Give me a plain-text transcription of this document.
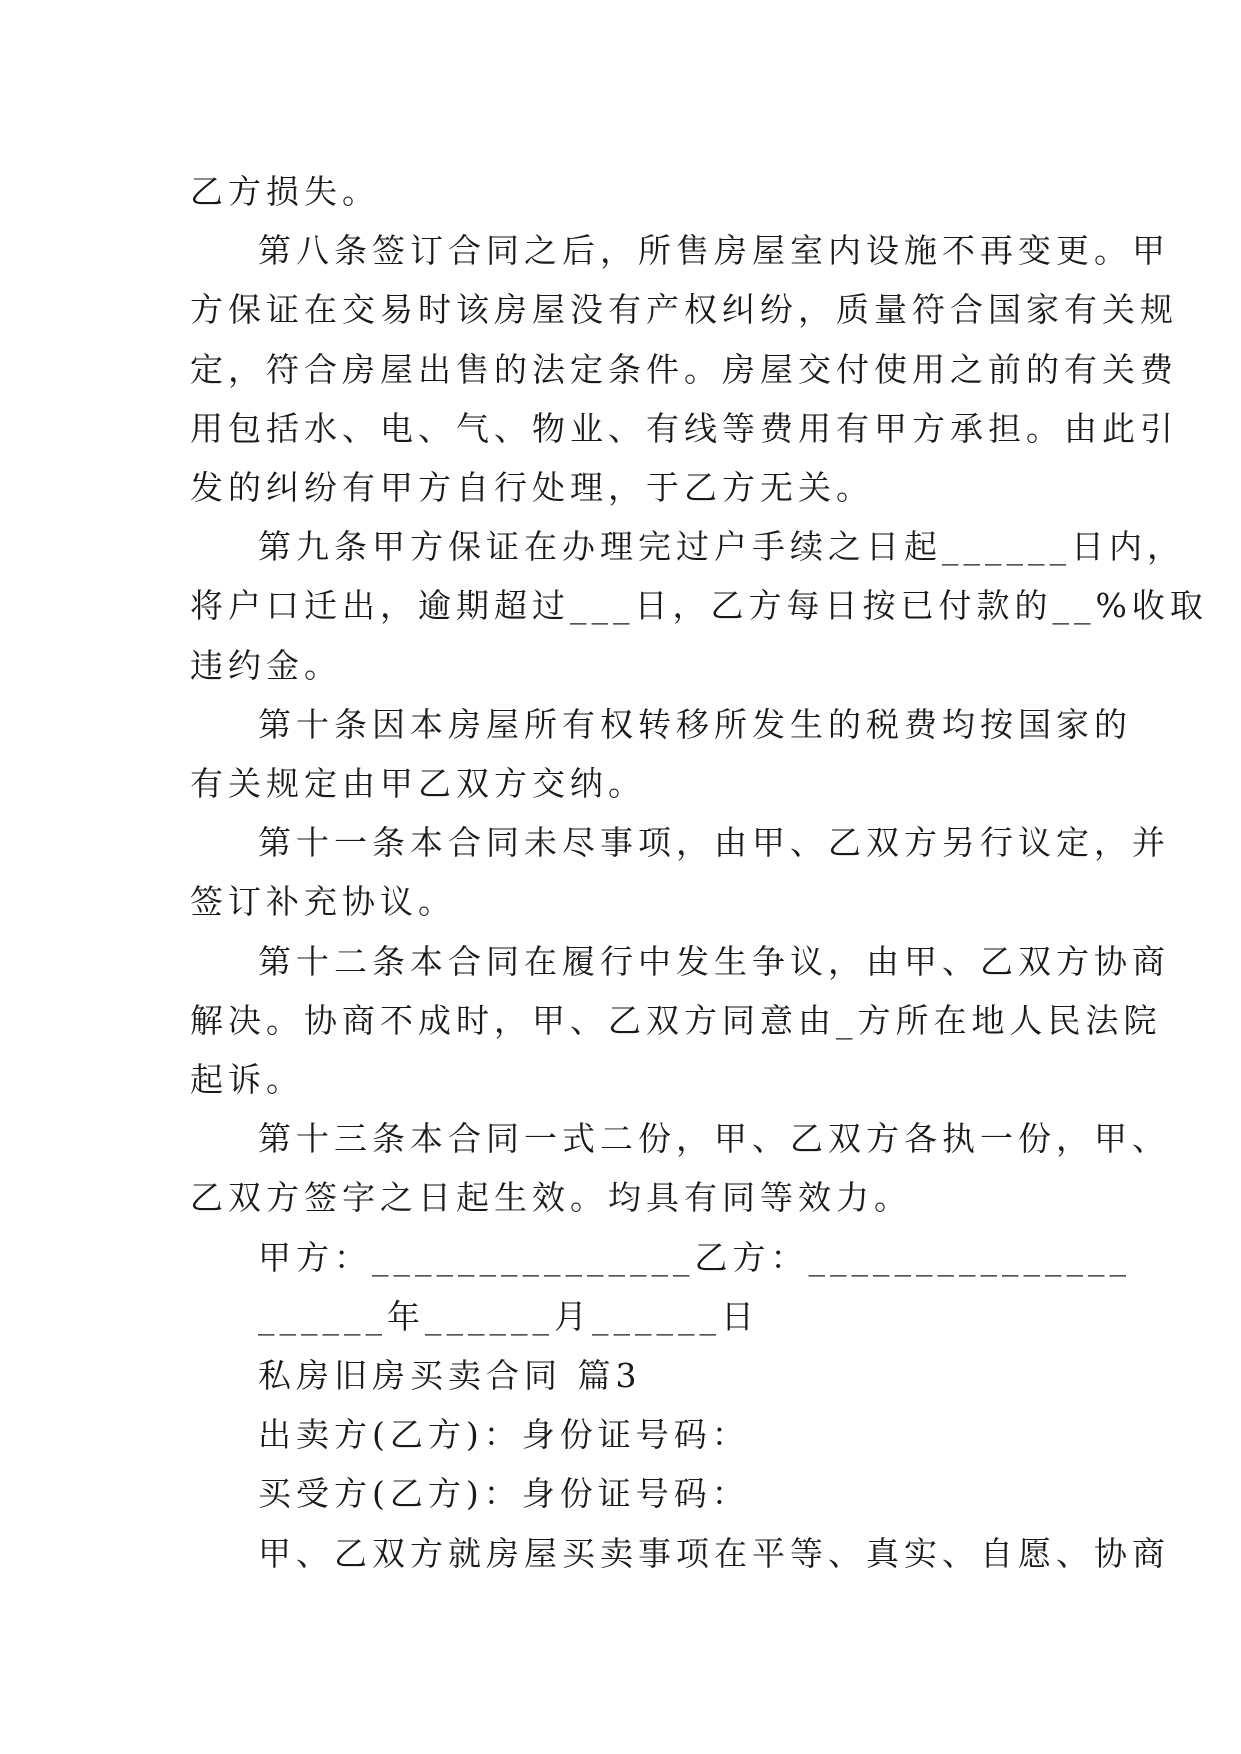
乙方损失。

第八条签订合同之后，所售房屋室内设施不再变更。甲

方保证在交易时该房屋没有产权纠纷，质量符合国家有关规

定，符合房屋出售的法定条件。房屋交付使用之前的有关费

用包括水、电、气、物业、有线等费用有甲方承担。由此引

发的纠纷有甲方自行处理，于乙方无关。

第九条甲方保证在办理完过户手续之日起______日内，

将户口迁出，逾期超过___日，乙方每日按已付款的__%收取

违约金。

第十条因本房屋所有权转移所发生的税费均按国家的

有关规定由甲乙双方交纳。

第十一条本合同未尽事项，由甲、乙双方另行议定，并

签订补充协议。

第十二条本合同在履行中发生争议，由甲、乙双方协商

解决。协商不成时，甲、乙双方同意由_方所在地人民法院

起诉。

第十三条本合同一式二份，甲、乙双方各执一份，甲、

乙双方签字之日起生效。均具有同等效力。

甲方：_______________乙方：_______________

______年______月______日

私房旧房买卖合同 篇3

出卖方(乙方)：身份证号码：

买受方(乙方)：身份证号码：

甲、乙双方就房屋买卖事项在平等、真实、自愿、协商
